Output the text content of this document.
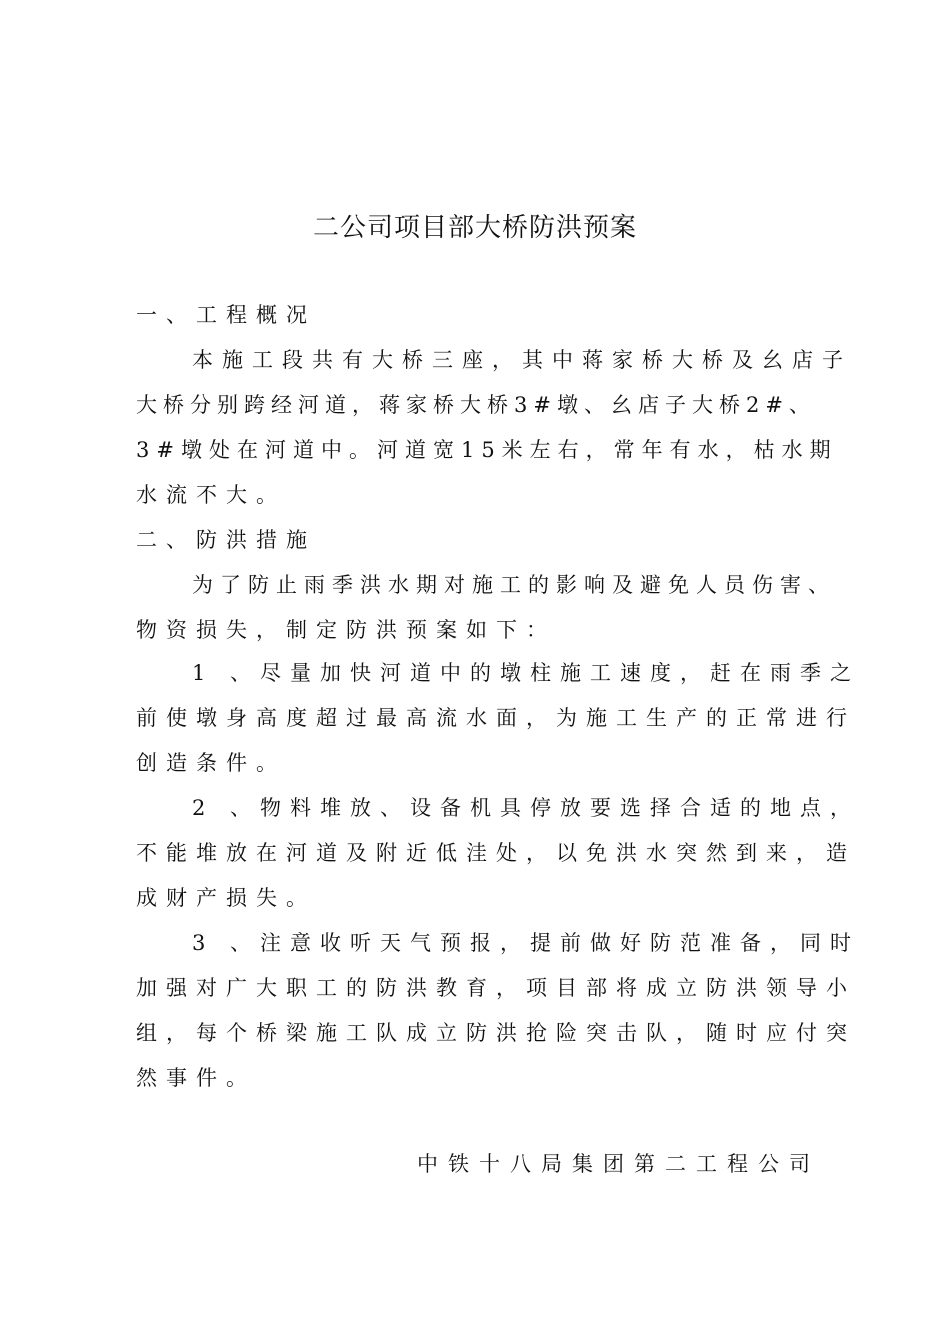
二公司项目部大桥防洪预案
一、工程概况
本施工段共有大桥三座，其中蒋家桥大桥及幺店子
大桥分别跨经河道，蒋家桥大桥3#墩、幺店子大桥2#、
3#墩处在河道中。河道宽15米左右，常年有水，枯水期
水流不大。
二、防洪措施
为了防止雨季洪水期对施工的影响及避免人员伤害、
物资损失，制定防洪预案如下：
1 、尽量加快河道中的墩柱施工速度，赶在雨季之
前使墩身高度超过最高流水面，为施工生产的正常进行
创造条件。
2 、物料堆放、设备机具停放要选择合适的地点，
不能堆放在河道及附近低洼处，以免洪水突然到来，造
成财产损失。
3 、注意收听天气预报，提前做好防范准备，同时
加强对广大职工的防洪教育，项目部将成立防洪领导小
组，每个桥梁施工队成立防洪抢险突击队，随时应付突
然事件。
中铁十八局集团第二工程公司
